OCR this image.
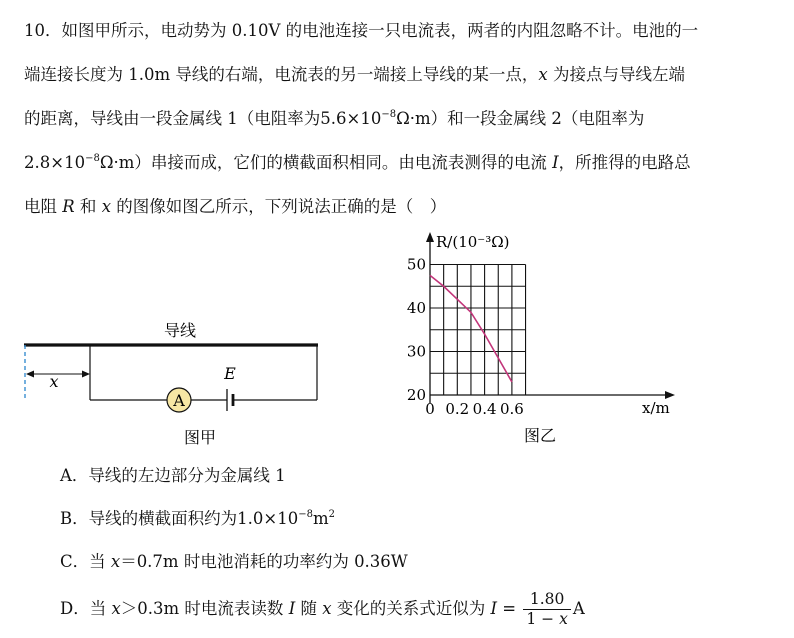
10．如图甲所示，电动势为 0.10V 的电池连接一只电流表，两者的内阻忽略不计。电池的一
端连接长度为 1.0m 导线的右端，电流表的另一端接上导线的某一点，x 为接点与导线左端
的距离，导线由一段金属线 1（电阻率为$5.6\times 10^{-8}\Omega\cdot m$）和一段金属线 2（电阻率为
$2.8\times 10^{-8}\Omega\cdot m$）串接而成，它们的横截面积相同。由电流表测得的电流 I，所推得的电路总
电阻 R 和 x 的图像如图乙所示，下列说法正确的是（　）
导线
x
A
E
图甲
R/(10⁻³Ω)
x/m
0 0.2 0.4 0.6
20
30
40
50
图乙
A．导线的左边部分为金属线 1
B．导线的横截面积约为$1.0\times 10^{-8}m^2$
C．当 x＝0.7m 时电池消耗的功率约为 0.36W
D．当 x＞0.3m 时电流表读数 I 随 x 变化的关系式近似为 $I = \frac{1.80}{1 - x}$ A
